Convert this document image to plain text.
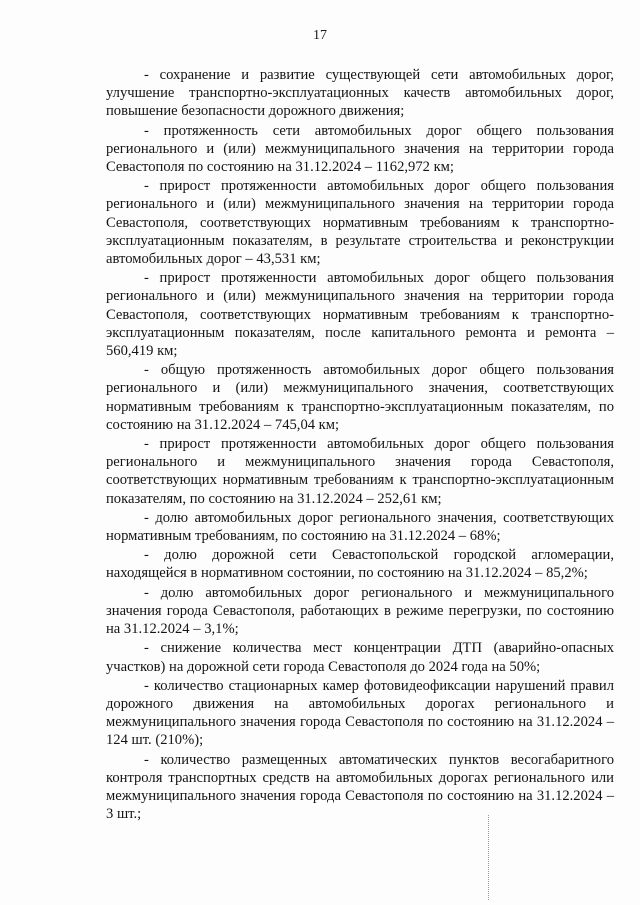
17

- сохранение и развитие существующей сети автомобильных дорог, улучшение транспортно-эксплуатационных качеств автомобильных дорог, повышение безопасности дорожного движения;

- протяженность сети автомобильных дорог общего пользования регионального и (или) межмуниципального значения на территории города Севастополя по состоянию на 31.12.2024 – 1162,972 км;

- прирост протяженности автомобильных дорог общего пользования регионального и (или) межмуниципального значения на территории города Севастополя, соответствующих нормативным требованиям к транспортно-эксплуатационным показателям, в результате строительства и реконструкции автомобильных дорог – 43,531 км;

- прирост протяженности автомобильных дорог общего пользования регионального и (или) межмуниципального значения на территории города Севастополя, соответствующих нормативным требованиям к транспортно-эксплуатационным показателям, после капитального ремонта и ремонта – 560,419 км;

- общую протяженность автомобильных дорог общего пользования регионального и (или) межмуниципального значения, соответствующих нормативным требованиям к транспортно-эксплуатационным показателям, по состоянию на 31.12.2024 – 745,04 км;

- прирост протяженности автомобильных дорог общего пользования регионального и межмуниципального значения города Севастополя, соответствующих нормативным требованиям к транспортно-эксплуатационным показателям, по состоянию на 31.12.2024 – 252,61 км;

- долю автомобильных дорог регионального значения, соответствующих нормативным требованиям, по состоянию на 31.12.2024 – 68%;

- долю дорожной сети Севастопольской городской агломерации, находящейся в нормативном состоянии, по состоянию на 31.12.2024 – 85,2%;

- долю автомобильных дорог регионального и межмуниципального значения города Севастополя, работающих в режиме перегрузки, по состоянию на 31.12.2024 – 3,1%;

- снижение количества мест концентрации ДТП (аварийно-опасных участков) на дорожной сети города Севастополя до 2024 года на 50%;

- количество стационарных камер фотовидеофиксации нарушений правил дорожного движения на автомобильных дорогах регионального и межмуниципального значения города Севастополя по состоянию на 31.12.2024 – 124 шт. (210%);

- количество размещенных автоматических пунктов весогабаритного контроля транспортных средств на автомобильных дорогах регионального или межмуниципального значения города Севастополя по состоянию на 31.12.2024 – 3 шт.;
